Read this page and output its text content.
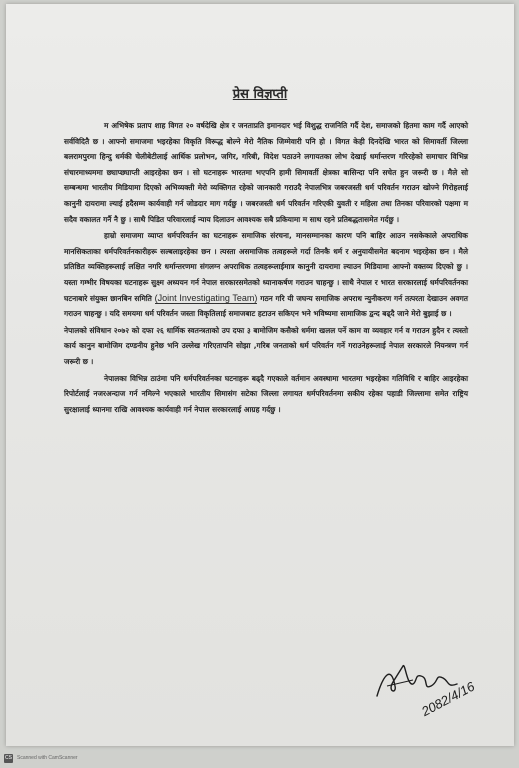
प्रेस विज्ञप्ती

म अभिषेक प्रताप शाह विगत २० वर्षदेखि क्षेत्र र जनताप्रति इमानदार भई विशुद्ध राजनिति गर्दै देश, समाजको हितमा काम गर्दै आएको सर्वविदितै छ । आफ्नो समाजमा भइरहेका विकृति विरूद्ध बोल्ने मेरो नैतिक जिम्मेवारी पनि हो । विगत केही दिनदेखि भारत को सिमावर्ती जिल्ला बलरामपुरमा हिन्दु धर्मकी चेलीबेटीलाई आर्थिक प्रलोभन, जगिर, गरिबी, विदेश पठाउने लगायतका लोभ देखाई धर्मान्तरण गरिरहेको समाचार विभिन्न संचारमाध्यममा छ्याप्छ्याप्ती आइरहेका छन । सो घटनाहरू भारतमा भएपनि हामी सिमावर्ती क्षेत्रका बासिन्दा पनि सचेत हुन जरूरी छ । मैले सो सम्बन्धमा भारतीय मिडियामा दिएको अभिव्यक्ती मेरो व्यक्तिगत रहेको जानकारी गराउदै नेपालभित्र जबरजस्ती धर्म परिवर्तन गराउन खोज्ने गिरोहलाई कानुनी दायरामा ल्याई हदैसम्म कार्यवाही गर्न जोडदार माग गर्दछु । जबरजस्ती धर्म परिवर्तन गरिएकी युवती र महिला तथा तिनका परिवारको पक्षमा म सदैव वकालत गर्नै नै छु । साथै पिडित परिवारलाई न्याय दिलाउन आवश्यक सबै प्रकियामा म साथ रहने प्रतिबद्धतासमेत गर्दछु ।

हाम्रो समाजमा व्याप्त धर्मपरिवर्तन का घटनाहरू समाजिक संरचना, मानसम्मानका कारण पनि बाहिर आउन नसकेकाले अपराधिक मानसिकताका धर्मपरिवर्तनकारीहरू सल्बलाइरहेका छन । त्यस्ता असमाजिक तत्वहरूले गर्दा तिनकै धर्म र अनुयायीसमेत बदनाम भइरहेका छन । मैले प्रतिष्ठित व्यक्तिहरूलाई लक्षित नगरि धर्मान्तरणमा संगलग्न अपराधिक तत्वहरूलाईमात्र कानुनी दायरामा ल्याउन मिडियामा आफ्नो वक्तव्य दिएको छु । यस्ता गम्भीर विषयका घटनाहरू सुक्ष्म अध्ययन गर्न नेपाल सरकारसमेतको ध्यानाकर्षण गराउन चाहन्छु । साथै नेपाल र भारत सरकारलाई धर्मपरिवर्तनका घटनाबारे संयुक्त छानबिन समिति (Joint Investigating Team) गठन गरि यी जघन्य समाजिक अपराध न्युनीकरण गर्न तत्परता देखाउन अवगत गराउन चाहन्छु । यदि समयमा धर्म परिवर्तन जस्ता विकृतिलाई समाजबाट हटाउन सकिएन भने भविष्यमा सामाजिक द्वन्द बढ्दै जाने मेरो बुझाई छ ।

नेपालको संविधान २०७२ को दफा २६ धार्मिक स्वतन्त्रताको उप दफा ३ बामोजिम कसैको धर्ममा खलल पर्ने काम वा व्यवहार गर्न व गराउन हुदैन र त्यस्तो कार्य कानुन बामोजिम दण्डनीय हुनेछ भनि उल्लेख गरिएतापनि सोझा ,गरिब जनताको धर्म परिवर्तन गर्ने गराउनेहरूलाई नेपाल सरकारले नियन्त्रण गर्न जरूरी छ ।

नेपालका विभिन्न ठाउंमा पनि धर्मपरिवर्तनका घटनाहरू बढ्दै गएकाले वर्तमान अवस्थामा भारतमा भइरहेका गतिविधि र बाहिर आइरहेका रिपोर्टलाई नजरअन्दाज गर्न नमिल्ने भएकाले भारतीय सिमासंग सटेका जिल्ला लगायत धर्मपरिवर्तनमा सकीय रहेका पहाडी जिल्लामा समेत राष्ट्रिय सुरक्षालाई ध्यानमा राखि आवश्यक कार्यवाही गर्न नेपाल सरकारलाई आग्रह गर्दछु ।

2082/4/16
CS Scanned with CamScanner
